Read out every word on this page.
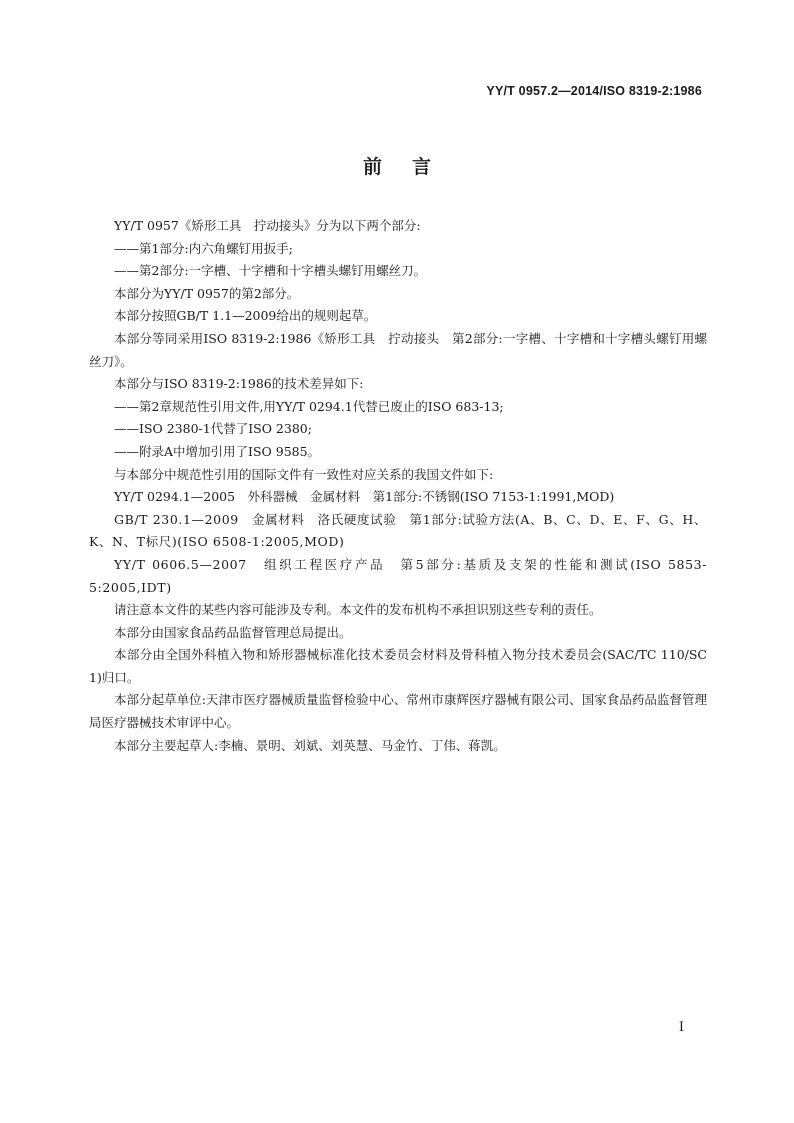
YY/T 0957.2—2014/ISO 8319-2:1986
前言

YY/T 0957《矫形工具　拧动接头》分为以下两个部分:

——第1部分:内六角螺钉用扳手;

——第2部分:一字槽、十字槽和十字槽头螺钉用螺丝刀。

本部分为YY/T 0957的第2部分。

本部分按照GB/T 1.1—2009给出的规则起草。

本部分等同采用ISO 8319-2:1986《矫形工具　拧动接头　第2部分:一字槽、十字槽和十字槽头螺钉用螺丝刀》。

本部分与ISO 8319-2:1986的技术差异如下:

——第2章规范性引用文件,用YY/T 0294.1代替已废止的ISO 683-13;

——ISO 2380-1代替了ISO 2380;

——附录A中增加引用了ISO 9585。

与本部分中规范性引用的国际文件有一致性对应关系的我国文件如下:

YY/T 0294.1—2005　外科器械　金属材料　第1部分:不锈钢(ISO 7153-1:1991,MOD)

GB/T 230.1—2009　金属材料　洛氏硬度试验　第1部分:试验方法(A、B、C、D、E、F、G、H、K、N、T标尺)(ISO 6508-1:2005,MOD)

YY/T 0606.5—2007　组织工程医疗产品　第5部分:基质及支架的性能和测试(ISO 5853-5:2005,IDT)

请注意本文件的某些内容可能涉及专利。本文件的发布机构不承担识别这些专利的责任。

本部分由国家食品药品监督管理总局提出。

本部分由全国外科植入物和矫形器械标准化技术委员会材料及骨科植入物分技术委员会(SAC/TC 110/SC 1)归口。

本部分起草单位:天津市医疗器械质量监督检验中心、常州市康辉医疗器械有限公司、国家食品药品监督管理局医疗器械技术审评中心。

本部分主要起草人:李楠、景明、刘斌、刘英慧、马金竹、丁伟、蒋凯。

I
